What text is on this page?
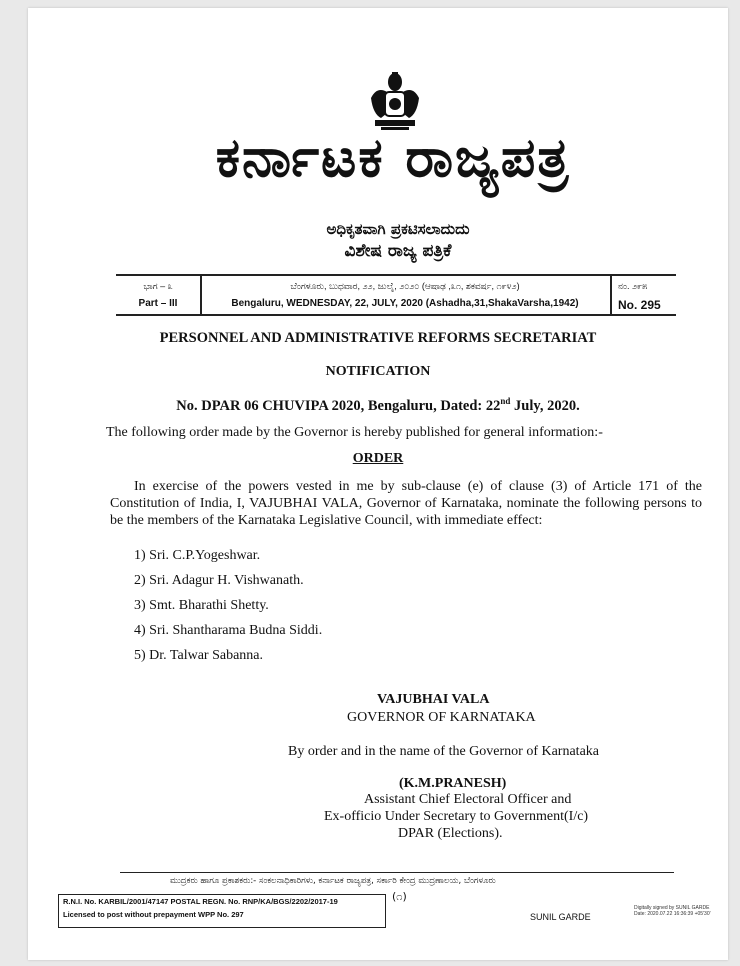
ಕರ್ನಾಟಕ ರಾಜ್ಯಪತ್ರ
ಅಧಿಕೃತವಾಗಿ ಪ್ರಕಟಿಸಲಾದುದು
ವಿಶೇಷ ರಾಜ್ಯ ಪತ್ರಿಕೆ
ಭಾಗ – ೩
Part – III
ಬೆಂಗಳೂರು, ಬುಧವಾರ, ೨೨, ಜುಲೈ, ೨೦೨೦ (ಆಷಾಢ ,೩೧, ಶಕವರ್ಷ, ೧೯೪೨)
Bengaluru, WEDNESDAY, 22, JULY, 2020 (Ashadha,31,ShakaVarsha,1942)
ನಂ. ೨೯೫
No. 295
PERSONNEL AND ADMINISTRATIVE REFORMS SECRETARIAT
NOTIFICATION
No. DPAR 06 CHUVIPA 2020, Bengaluru, Dated: 22nd July, 2020.
The following order made by the Governor is hereby published for general information:-
ORDER
In exercise of the powers vested in me by sub-clause (e) of clause (3) of Article 171 of the Constitution of India, I, VAJUBHAI VALA, Governor of Karnataka, nominate the following persons to be the members of the Karnataka Legislative Council, with immediate effect:
1) Sri. C.P.Yogeshwar.
2) Sri. Adagur H. Vishwanath.
3) Smt. Bharathi Shetty.
4) Sri. Shantharama Budna Siddi.
5) Dr. Talwar Sabanna.
VAJUBHAI VALA
GOVERNOR OF KARNATAKA
By order and in the name of the Governor of Karnataka
(K.M.PRANESH)
Assistant Chief Electoral Officer and
Ex-officio Under Secretary to Government(I/c)
DPAR (Elections).
ಮುದ್ರಕರು ಹಾಗೂ ಪ್ರಕಾಶಕರು:- ಸಂಕಲನಾಧಿಕಾರಿಗಳು, ಕರ್ನಾಟಕ ರಾಜ್ಯಪತ್ರ, ಸರ್ಕಾರಿ ಕೇಂದ್ರ ಮುದ್ರಣಾಲಯ, ಬೆಂಗಳೂರು
(೧)
R.N.I. No. KARBIL/2001/47147 POSTAL REGN. No. RNP/KA/BGS/2202/2017-19
Licensed to post without prepayment WPP No. 297	SUNIL GARDE
Digitally signed by SUNIL GARDE
Date: 2020.07.22 16:36:39 +05'30'
